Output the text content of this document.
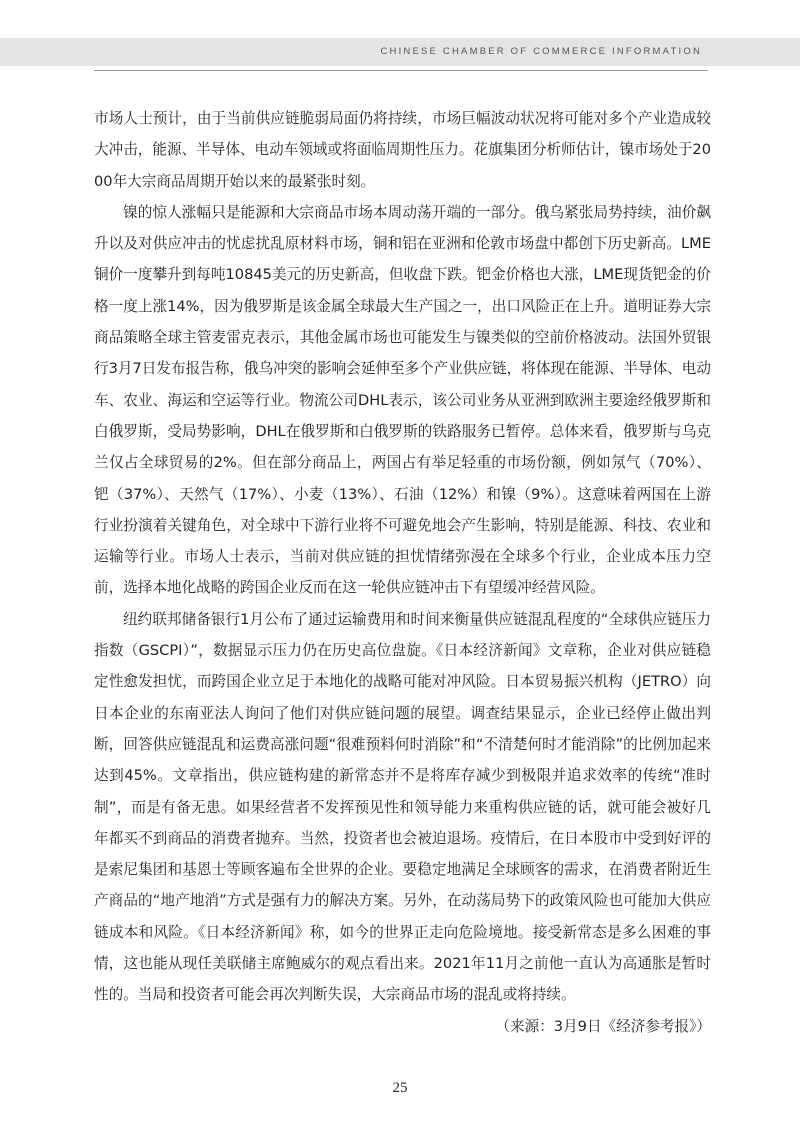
CHINESE CHAMBER OF COMMERCE INFORMATION

市场人士预计，由于当前供应链脆弱局面仍将持续，市场巨幅波动状况将可能对多个产业造成较大冲击，能源、半导体、电动车领域或将面临周期性压力。花旗集团分析师估计，镍市场处于2000年大宗商品周期开始以来的最紧张时刻。

镍的惊人涨幅只是能源和大宗商品市场本周动荡开端的一部分。俄乌紧张局势持续，油价飙升以及对供应冲击的忧虑扰乱原材料市场，铜和铝在亚洲和伦敦市场盘中都创下历史新高。LME铜价一度攀升到每吨10845美元的历史新高，但收盘下跌。钯金价格也大涨，LME现货钯金的价格一度上涨14%，因为俄罗斯是该金属全球最大生产国之一，出口风险正在上升。道明证券大宗商品策略全球主管麦雷克表示，其他金属市场也可能发生与镍类似的空前价格波动。法国外贸银行3月7日发布报告称，俄乌冲突的影响会延伸至多个产业供应链，将体现在能源、半导体、电动车、农业、海运和空运等行业。物流公司DHL表示，该公司业务从亚洲到欧洲主要途经俄罗斯和白俄罗斯，受局势影响，DHL在俄罗斯和白俄罗斯的铁路服务已暂停。总体来看，俄罗斯与乌克兰仅占全球贸易的2%。但在部分商品上，两国占有举足轻重的市场份额，例如氖气（70%）、钯（37%）、天然气（17%）、小麦（13%）、石油（12%）和镍（9%）。这意味着两国在上游行业扮演着关键角色，对全球中下游行业将不可避免地会产生影响，特别是能源、科技、农业和运输等行业。市场人士表示，当前对供应链的担忧情绪弥漫在全球多个行业，企业成本压力空前，选择本地化战略的跨国企业反而在这一轮供应链冲击下有望缓冲经营风险。

纽约联邦储备银行1月公布了通过运输费用和时间来衡量供应链混乱程度的“全球供应链压力指数（GSCPI）”，数据显示压力仍在历史高位盘旋。《日本经济新闻》文章称，企业对供应链稳定性愈发担忧，而跨国企业立足于本地化的战略可能对冲风险。日本贸易振兴机构（JETRO）向日本企业的东南亚法人询问了他们对供应链问题的展望。调查结果显示，企业已经停止做出判断，回答供应链混乱和运费高涨问题“很难预料何时消除”和“不清楚何时才能消除”的比例加起来达到45%。文章指出，供应链构建的新常态并不是将库存减少到极限并追求效率的传统“准时制”，而是有备无患。如果经营者不发挥预见性和领导能力来重构供应链的话，就可能会被好几年都买不到商品的消费者抛弃。当然，投资者也会被迫退场。疫情后，在日本股市中受到好评的是索尼集团和基恩士等顾客遍布全世界的企业。要稳定地满足全球顾客的需求，在消费者附近生产商品的“地产地消”方式是强有力的解决方案。另外，在动荡局势下的政策风险也可能加大供应链成本和风险。《日本经济新闻》称，如今的世界正走向危险境地。接受新常态是多么困难的事情，这也能从现任美联储主席鲍威尔的观点看出来。2021年11月之前他一直认为高通胀是暂时性的。当局和投资者可能会再次判断失误，大宗商品市场的混乱或将持续。
（来源：3月9日《经济参考报》）

25
